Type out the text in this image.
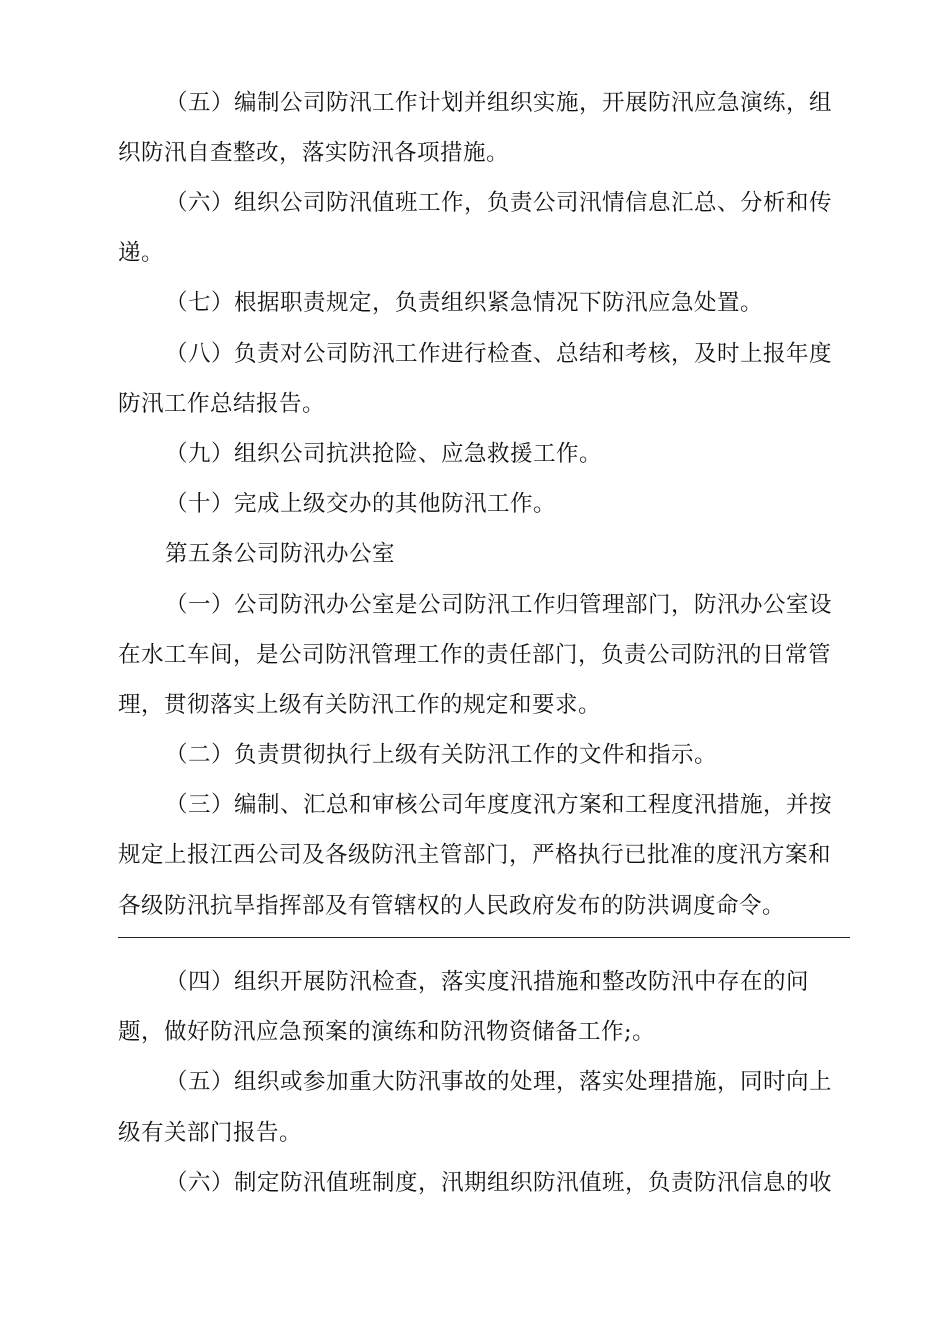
（五）编制公司防汛工作计划并组织实施，开展防汛应急演练，组
织防汛自查整改，落实防汛各项措施。
（六）组织公司防汛值班工作，负责公司汛情信息汇总、分析和传
递。
（七）根据职责规定，负责组织紧急情况下防汛应急处置。
（八）负责对公司防汛工作进行检查、总结和考核，及时上报年度
防汛工作总结报告。
（九）组织公司抗洪抢险、应急救援工作。
（十）完成上级交办的其他防汛工作。
第五条公司防汛办公室
（一）公司防汛办公室是公司防汛工作归管理部门，防汛办公室设
在水工车间，是公司防汛管理工作的责任部门，负责公司防汛的日常管
理，贯彻落实上级有关防汛工作的规定和要求。
（二）负责贯彻执行上级有关防汛工作的文件和指示。
（三）编制、汇总和审核公司年度度汛方案和工程度汛措施，并按
规定上报江西公司及各级防汛主管部门，严格执行已批准的度汛方案和
各级防汛抗旱指挥部及有管辖权的人民政府发布的防洪调度命令。
（四）组织开展防汛检查，落实度汛措施和整改防汛中存在的问
题，做好防汛应急预案的演练和防汛物资储备工作;。
（五）组织或参加重大防汛事故的处理，落实处理措施，同时向上
级有关部门报告。
（六）制定防汛值班制度，汛期组织防汛值班，负责防汛信息的收
